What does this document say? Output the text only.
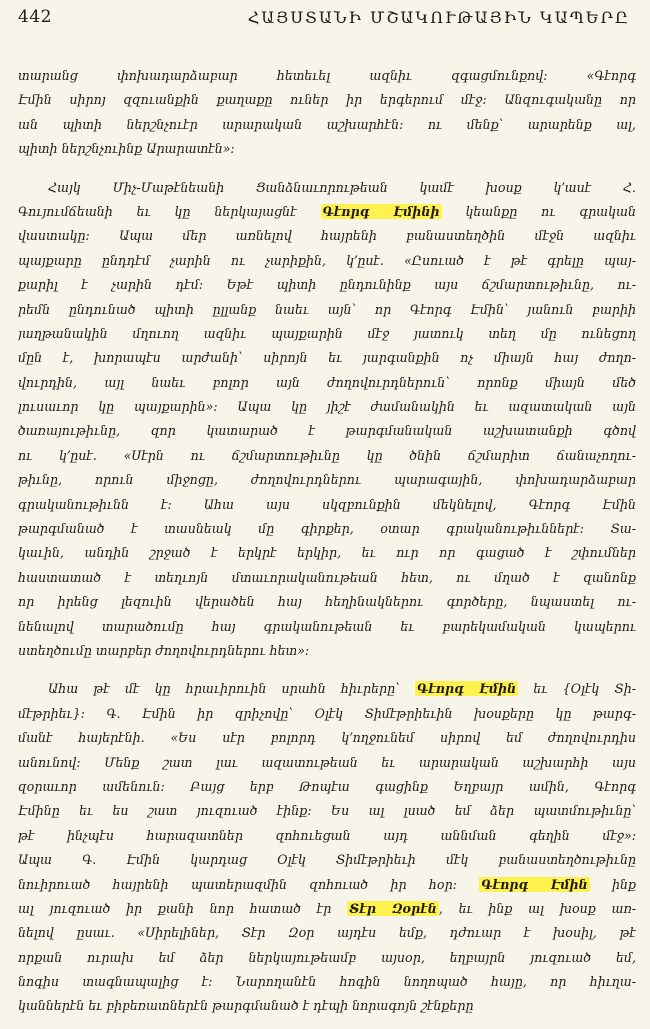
442	ՀԱՅՍՏԱՆԻ ՄՇԱԿՈՒԹԱՅԻՆ ԿԱՊԵՐԸ
տարանց փոխադարձաբար հետեւել ազնիւ զգացմունքով։ «Գէորգ
Էմին սիրոյ զզուանքին քաղաքը ուներ իր երգերում մէջ։ Անզուգականը որ
ան պիտի ներշնչուէր արարական աշխարհէն։ ու մենք՝ արարենք ալ,
պիտի ներշնչուինք Արարատէն»։
Հայկ Միչ-Մաթէնեանի Ցանձնաւորութեան կամէ խօսք կ՚ասէ Հ.
Գույումճեանի եւ կը ներկայացնէ Գէորգ Էմինի կեանքը ու գրական
վաստակը։ Ապա մեր առնելով հայրենի բանաստեղծին մէջն ազնիւ
պայքարը ընդդէմ չարին ու չարիքին, կ՚ըսէ. «Ըսուած է թէ գրելը պայ-
քարիլ է չարին դէմ։ Եթէ պիտի ընդունինք այս ճշմարտութիւնը, ու-
րեմն ընդունած պիտի ըլլանք նաեւ այն՝ որ Գէորգ Էմին՝ յանուն բարիի
յաղթանակին մղուող ազնիւ պայքարին մէջ յատուկ տեղ մը ունեցող
մըն է, խորապէս արժանի՝ սիրոյն եւ յարգանքին ոչ միայն հայ ժողո-
վուրդին, այլ նաեւ բոլոր այն ժողովուրդներուն՝ որոնք միայն մեծ
լուսաւոր կը պայքարին»։ Ապա կը յիշէ ժամանակին եւ ազատական այն
ծառայութիւնը, զոր կատարած է թարգմանական աշխատանքի գծով
ու կ՚ըսէ. «Սէրն ու ճշմարտութիւնը կը ծնին ճշմարիտ ճանաչողու-
թիւնը, որուն միջոցը, ժողովուրդներու պարագային, փոխադարձաբար
գրականութիւնն է։ Ահա այս սկզբունքին մեկնելով, Գէորգ Էմին
թարգմանած է տասնեակ մը գիրքեր, օտար գրականութիւններէ։ Տա-
կաւին, անդին շրջած է երկրէ երկիր, եւ ուր որ գացած է շփումներ
հաստատած է տեղւոյն մտաւորականութեան հետ, ու մղած է զանոնք
որ իրենց լեզուին վերածեն հայ հեղինակներու գործերը, նպաստել ու-
նենալով տարածումը հայ գրականութեան եւ բարեկամական կապերու
ստեղծումը տարբեր ժողովուրդներու հետ»։
Ահա թէ մէ կը հրաւիրուին սրահն հիւրերը՝ Գէորգ Էմին եւ {Օլէկ Տի-
մէթրիեւ}։ Գ. Էմին իր զրիչովը՝ Օլէկ Տիմէթրիեւին խօսքերը կը թարգ-
մանէ հայերէնի. «Ես սէր բոլորդ կ՚ողջունեմ սիրով եմ ժողովուրդիս
անունով։ Մենք շատ լաւ ազատութեան եւ արարական աշխարհի այս
զօրաւոր ամենուն։ Բայց երբ Թոպէա գացինք Եղբայր ամին, Գէորգ
Էմինը եւ ես շատ յուզուած էինք։ Ես ալ լսած եմ ձեր պատմութիւնը՝
թէ ինչպէս հարազատներ զոհուեցան այդ աննման գեղին մէջ»։
Ապա Գ. Էմին կարդաց Օլէկ Տիմէթրիեւի մէկ բանաստեղծութիւնը
նուիրուած հայրենի պատերազմին զոհուած իր հօր։ Գէորգ Էմին ինք
ալ յուզուած իր քանի նոր հատած էր Տէր Զօրէն , եւ ինք ալ խօսք առ-
նելով ըսաւ. «Սիրելիներ, Տէր Զօր այդէս եմք, դժուար է խօսիլ, թէ
որքան ուրախ եմ ձեր ներկայութեամբ այսօր, եղբայրն յուզուած եմ,
նոգիս տագնապալից է։ Նարողանէն հոգին նողոպած հայը, որ հիւղա-
կաններէն եւ բիբեռատներէն թարգմանած է դէպի նորագոյն շէնքերը
